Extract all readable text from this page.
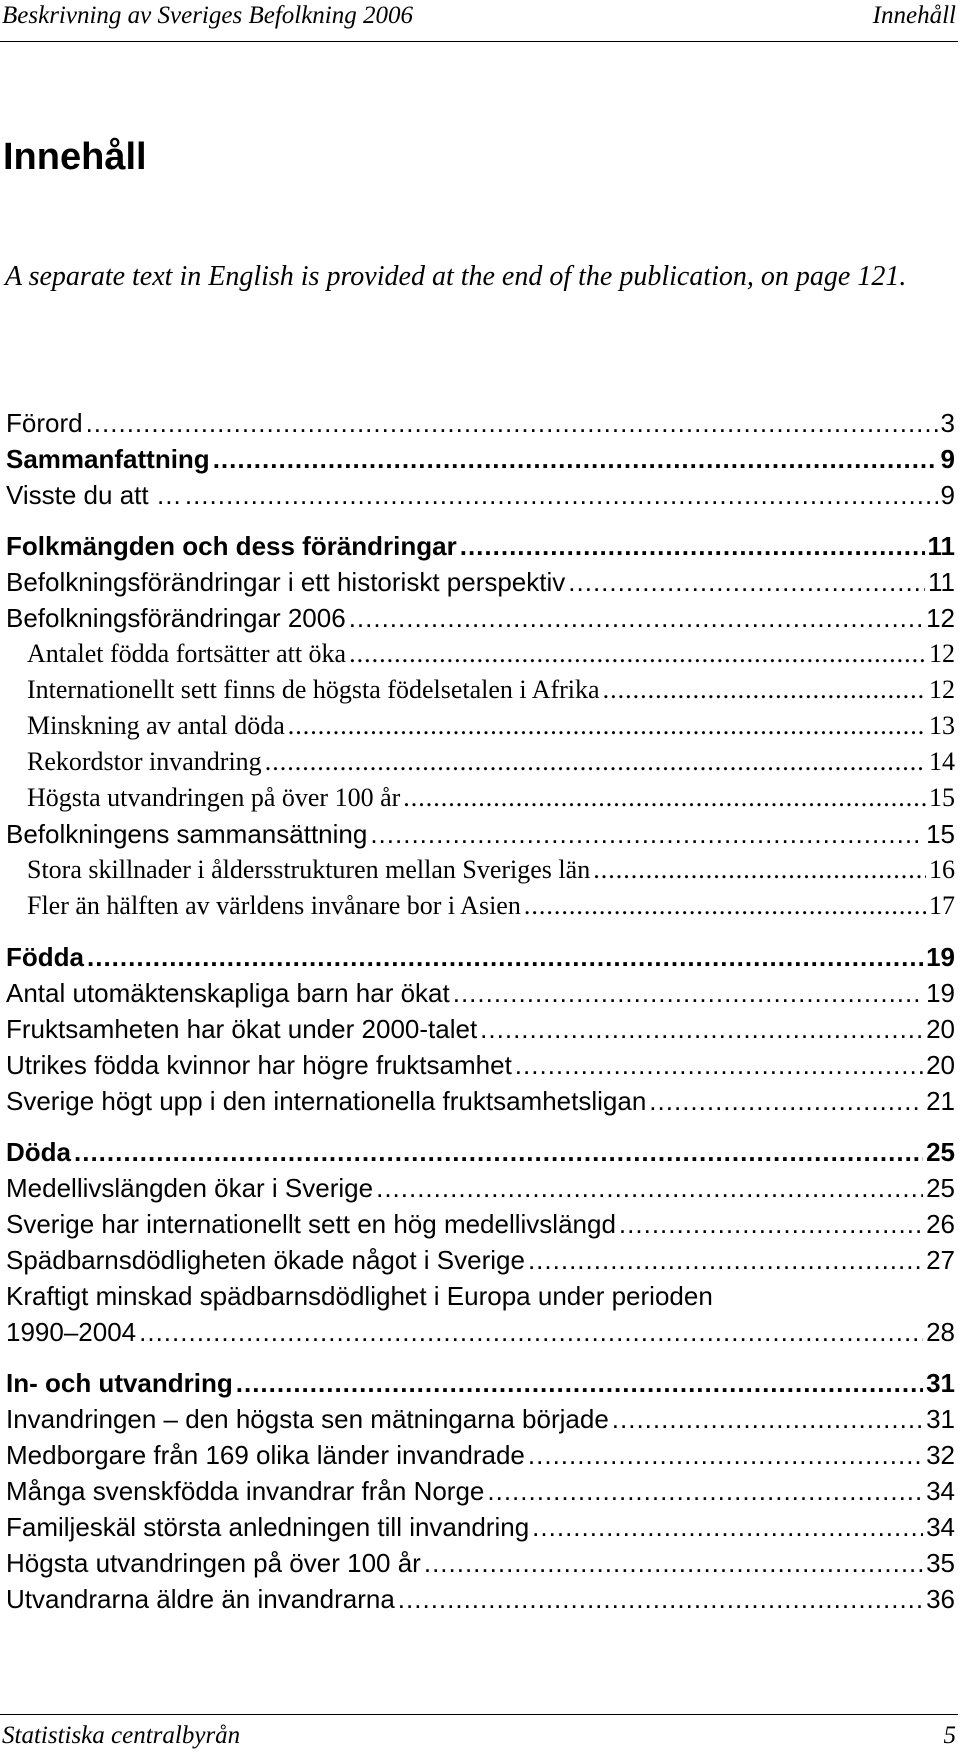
Beskrivning av Sveriges Befolkning 2006	Innehåll
Innehåll
A separate text in English is provided at the end of the publication, on page 121.
Förord .....	3
Sammanfattning .....	9
Visste du att … .....	9
Folkmängden och dess förändringar .....	11
Befolkningsförändringar i ett historiskt perspektiv .....	11
Befolkningsförändringar 2006 .....	12
Antalet födda fortsätter att öka .....	12
Internationellt sett finns de högsta födelsetalen i Afrika .....	12
Minskning av antal döda .....	13
Rekordstor invandring .....	14
Högsta utvandringen på över 100 år .....	15
Befolkningens sammansättning .....	15
Stora skillnader i åldersstrukturen mellan Sveriges län .....	16
Fler än hälften av världens invånare bor i Asien .....	17
Födda .....	19
Antal utomäktenskapliga barn har ökat .....	19
Fruktsamheten har ökat under 2000-talet .....	20
Utrikes födda kvinnor har högre fruktsamhet .....	20
Sverige högt upp i den internationella fruktsamhetsligan .....	21
Döda .....	25
Medellivslängden ökar i Sverige .....	25
Sverige har internationellt sett en hög medellivslängd .....	26
Spädbarnsdödligheten ökade något i Sverige .....	27
Kraftigt minskad spädbarnsdödlighet i Europa under perioden
1990–2004 .....	28
In- och utvandring .....	31
Invandringen – den högsta sen mätningarna började .....	31
Medborgare från 169 olika länder invandrade .....	32
Många svenskfödda invandrar från Norge .....	34
Familjeskäl största anledningen till invandring .....	34
Högsta utvandringen på över 100 år .....	35
Utvandrarna äldre än invandrarna .....	36
Statistiska centralbyrån	5
